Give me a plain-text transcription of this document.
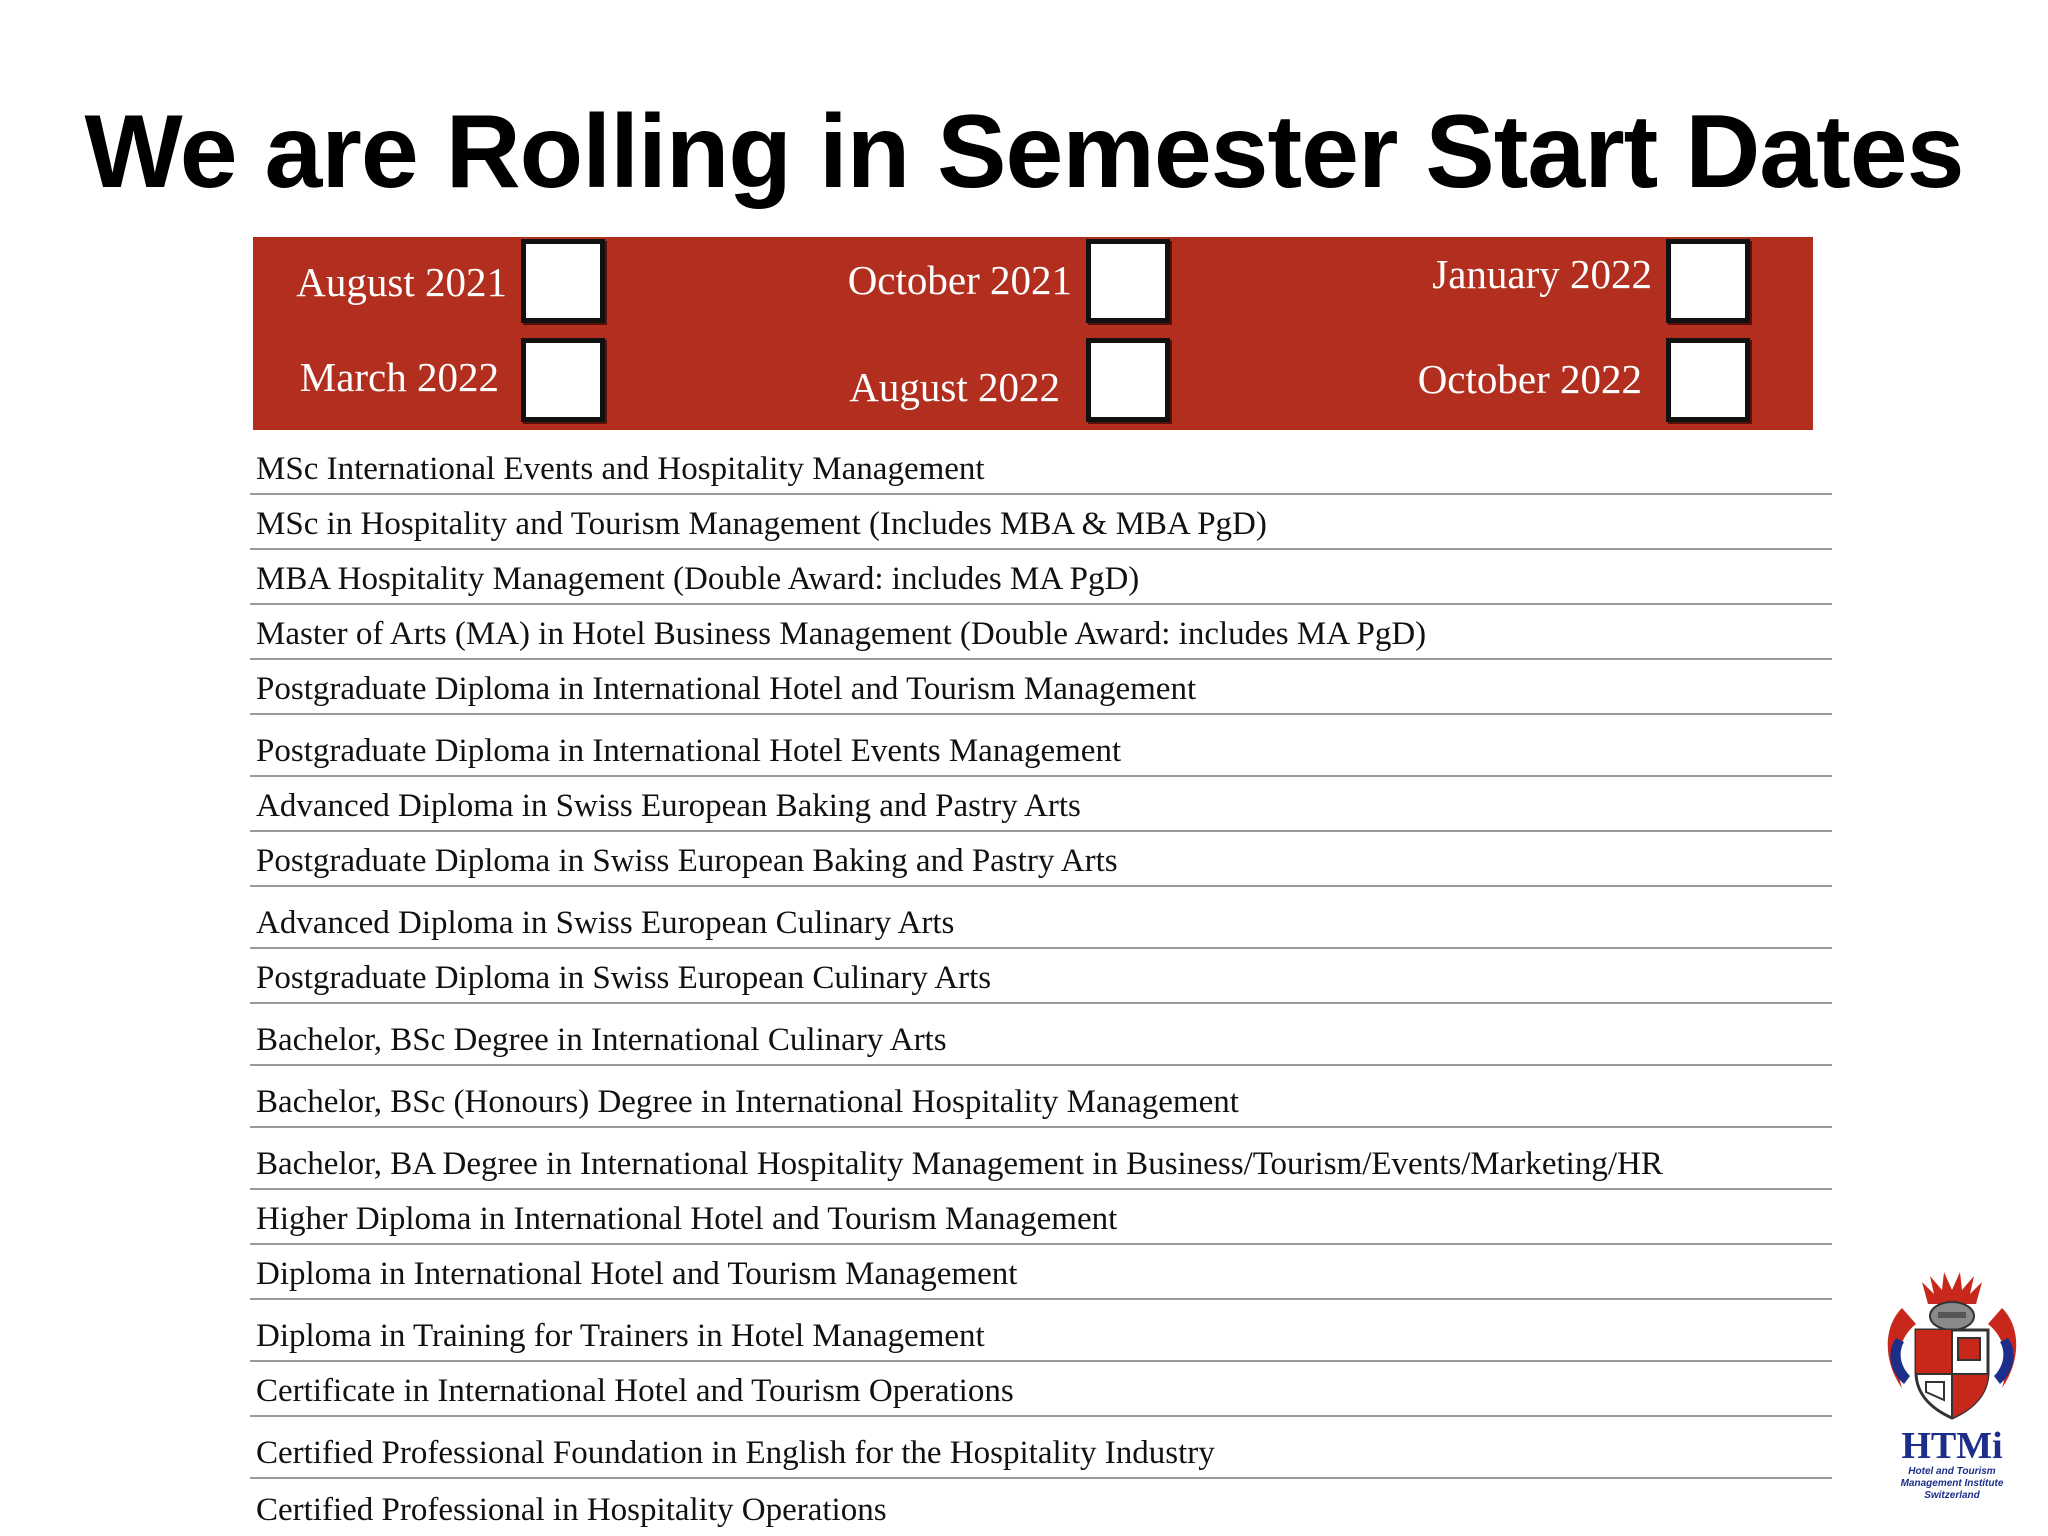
We are Rolling in Semester Start Dates
August 2021	October 2021	January 2022
March 2022	August 2022	October 2022
MSc International Events and Hospitality Management
MSc in Hospitality and Tourism Management (Includes MBA & MBA PgD)
MBA Hospitality Management (Double Award: includes MA PgD)
Master of Arts (MA) in Hotel Business Management (Double Award: includes MA PgD)
Postgraduate Diploma in International Hotel and Tourism Management
Postgraduate Diploma in International Hotel Events Management
Advanced Diploma in Swiss European Baking and Pastry Arts
Postgraduate Diploma in Swiss European Baking and Pastry Arts
Advanced Diploma in Swiss European Culinary Arts
Postgraduate Diploma in Swiss European Culinary Arts
Bachelor, BSc Degree in International Culinary Arts
Bachelor, BSc (Honours) Degree in International Hospitality Management
Bachelor, BA Degree in International Hospitality Management in Business/Tourism/Events/Marketing/HR
Higher Diploma in International Hotel and Tourism Management
Diploma in International Hotel and Tourism Management
Diploma in Training for Trainers in Hotel Management
Certificate in International Hotel and Tourism Operations
Certified Professional Foundation in English for the Hospitality Industry
Certified Professional in Hospitality Operations
HTMi
Hotel and Tourism
Management Institute
Switzerland
